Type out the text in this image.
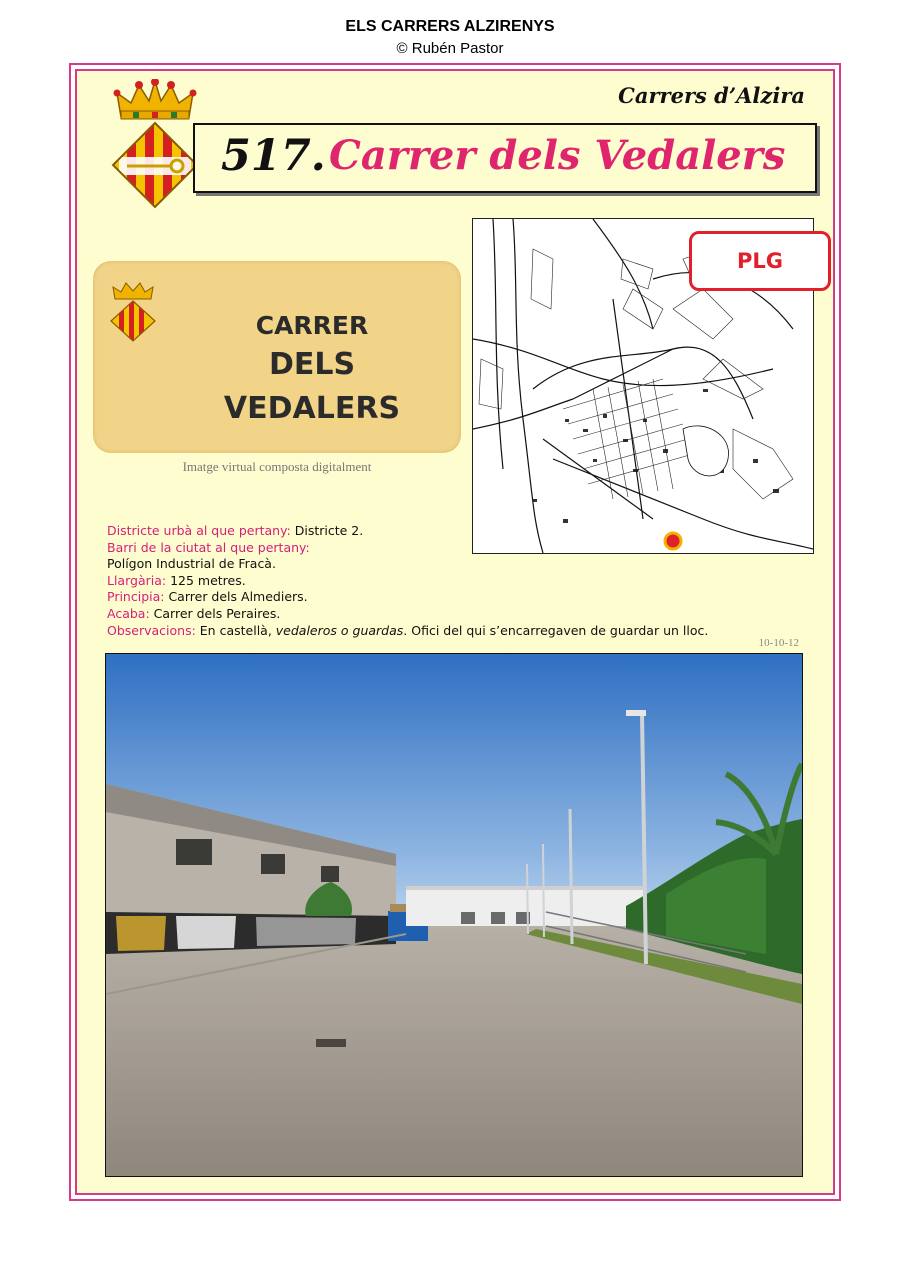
ELS CARRERS ALZIRENYS
© Rubén Pastor
Carrers d’Alzira
517. Carrer dels Vedalers
CARRER
DELS
VEDALERS
Imatge virtual composta digitalment
PLG
Districte urbà al que pertany: Districte 2.
Barri de la ciutat al que pertany:
Polígon Industrial de Fracà.
Llargària: 125 metres.
Principia: Carrer dels Almediers.
Acaba: Carrer dels Peraires.
Observacions: En castellà, vedaleros o guardas. Ofici del qui s’encarregaven de guardar un lloc.
10-10-12
